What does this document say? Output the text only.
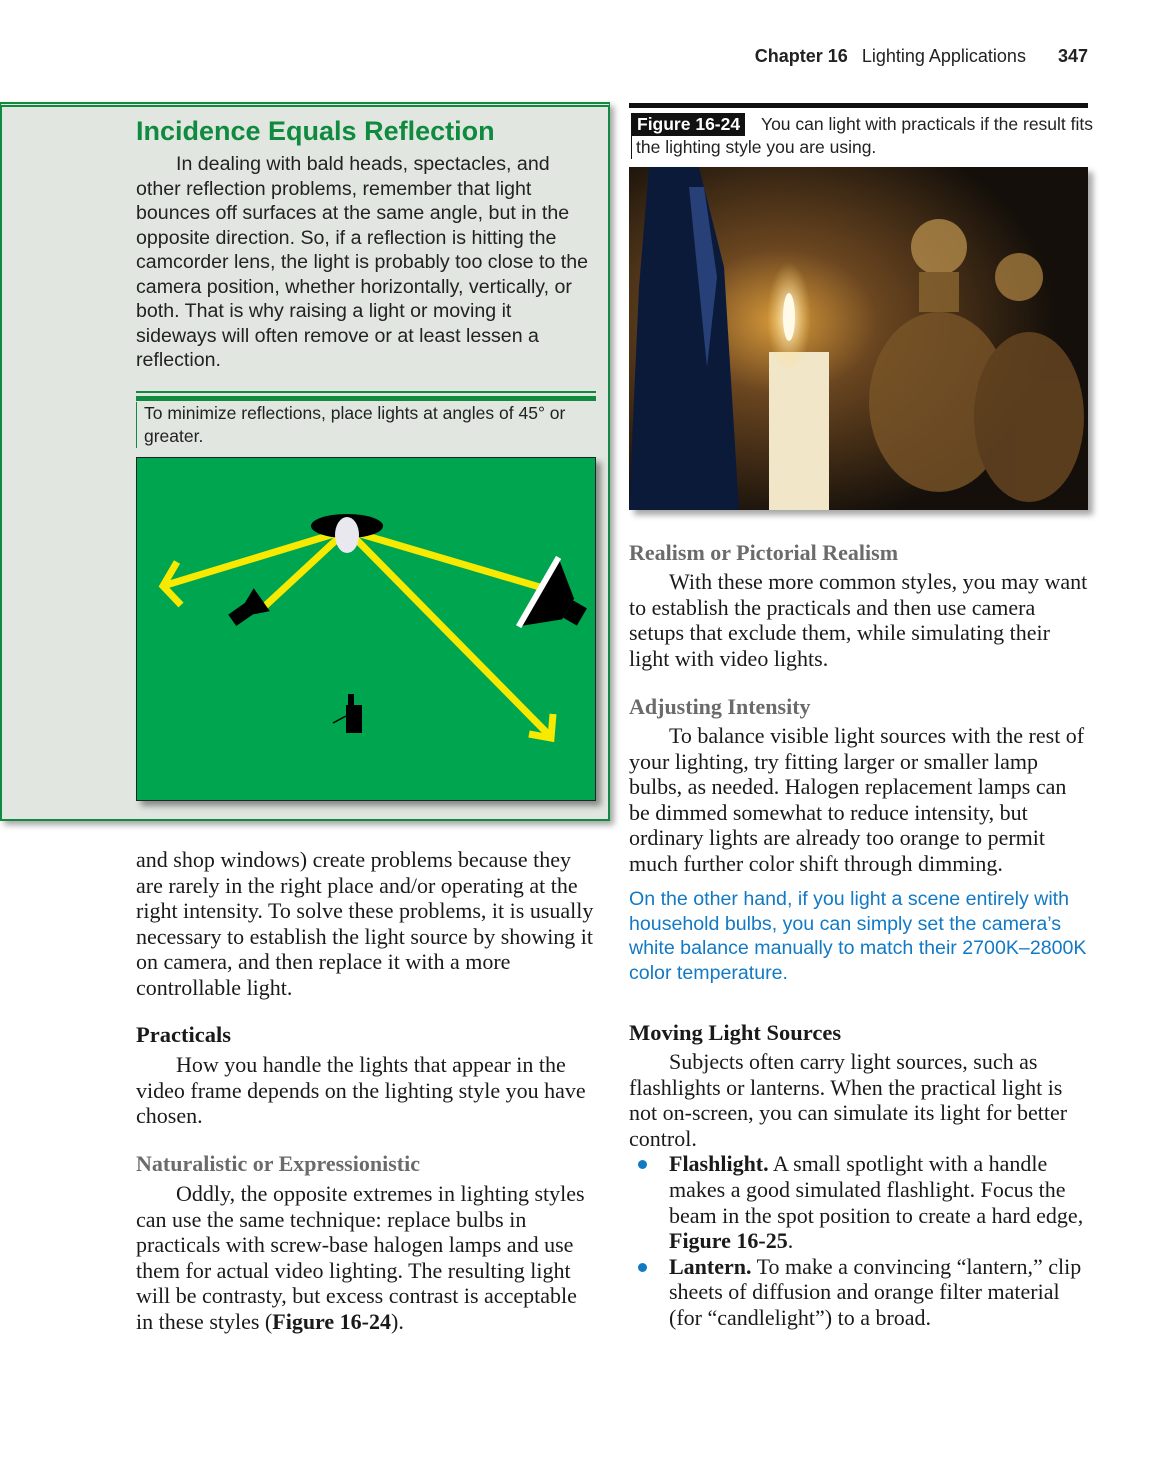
Chapter 16 Lighting Applications 347
Incidence Equals Reflection

In dealing with bald heads, spectacles, and other reflection problems, remember that light bounces off surfaces at the same angle, but in the opposite direction. So, if a reflection is hitting the camcorder lens, the light is probably too close to the camera position, whether horizontally, vertically, or both. That is why raising a light or moving it sideways will often remove or at least lessen a reflection.

To minimize reflections, place lights at angles of 45° or greater.

and shop windows) create problems because they are rarely in the right place and/or operating at the right intensity. To solve these problems, it is usually necessary to establish the light source by showing it on camera, and then replace it with a more controllable light.

Practicals

How you handle the lights that appear in the video frame depends on the lighting style you have chosen.

Naturalistic or Expressionistic

Oddly, the opposite extremes in lighting styles can use the same technique: replace bulbs in practicals with screw-base halogen lamps and use them for actual video lighting. The resulting light will be contrasty, but excess contrast is acceptable in these styles (Figure 16-24).

You can light with practicals if the result fits the lighting style you are using.
Figure 16-24
Realism or Pictorial Realism

With these more common styles, you may want to establish the practicals and then use camera setups that exclude them, while simulating their light with video lights.

Adjusting Intensity

To balance visible light sources with the rest of your lighting, try fitting larger or smaller lamp bulbs, as needed. Halogen replacement lamps can be dimmed somewhat to reduce intensity, but ordinary lights are already too orange to permit much further color shift through dimming.

On the other hand, if you light a scene entirely with household bulbs, you can simply set the camera’s white balance manually to match their 2700K–2800K color temperature.
Moving Light Sources

Subjects often carry light sources, such as flashlights or lanterns. When the practical light is not on-screen, you can simulate its light for better control.

Flashlight. A small spotlight with a handle makes a good simulated flashlight. Focus the beam in the spot position to create a hard edge, Figure 16-25.
Lantern. To make a convincing “lantern,” clip sheets of diffusion and orange filter material (for “candlelight”) to a broad.
